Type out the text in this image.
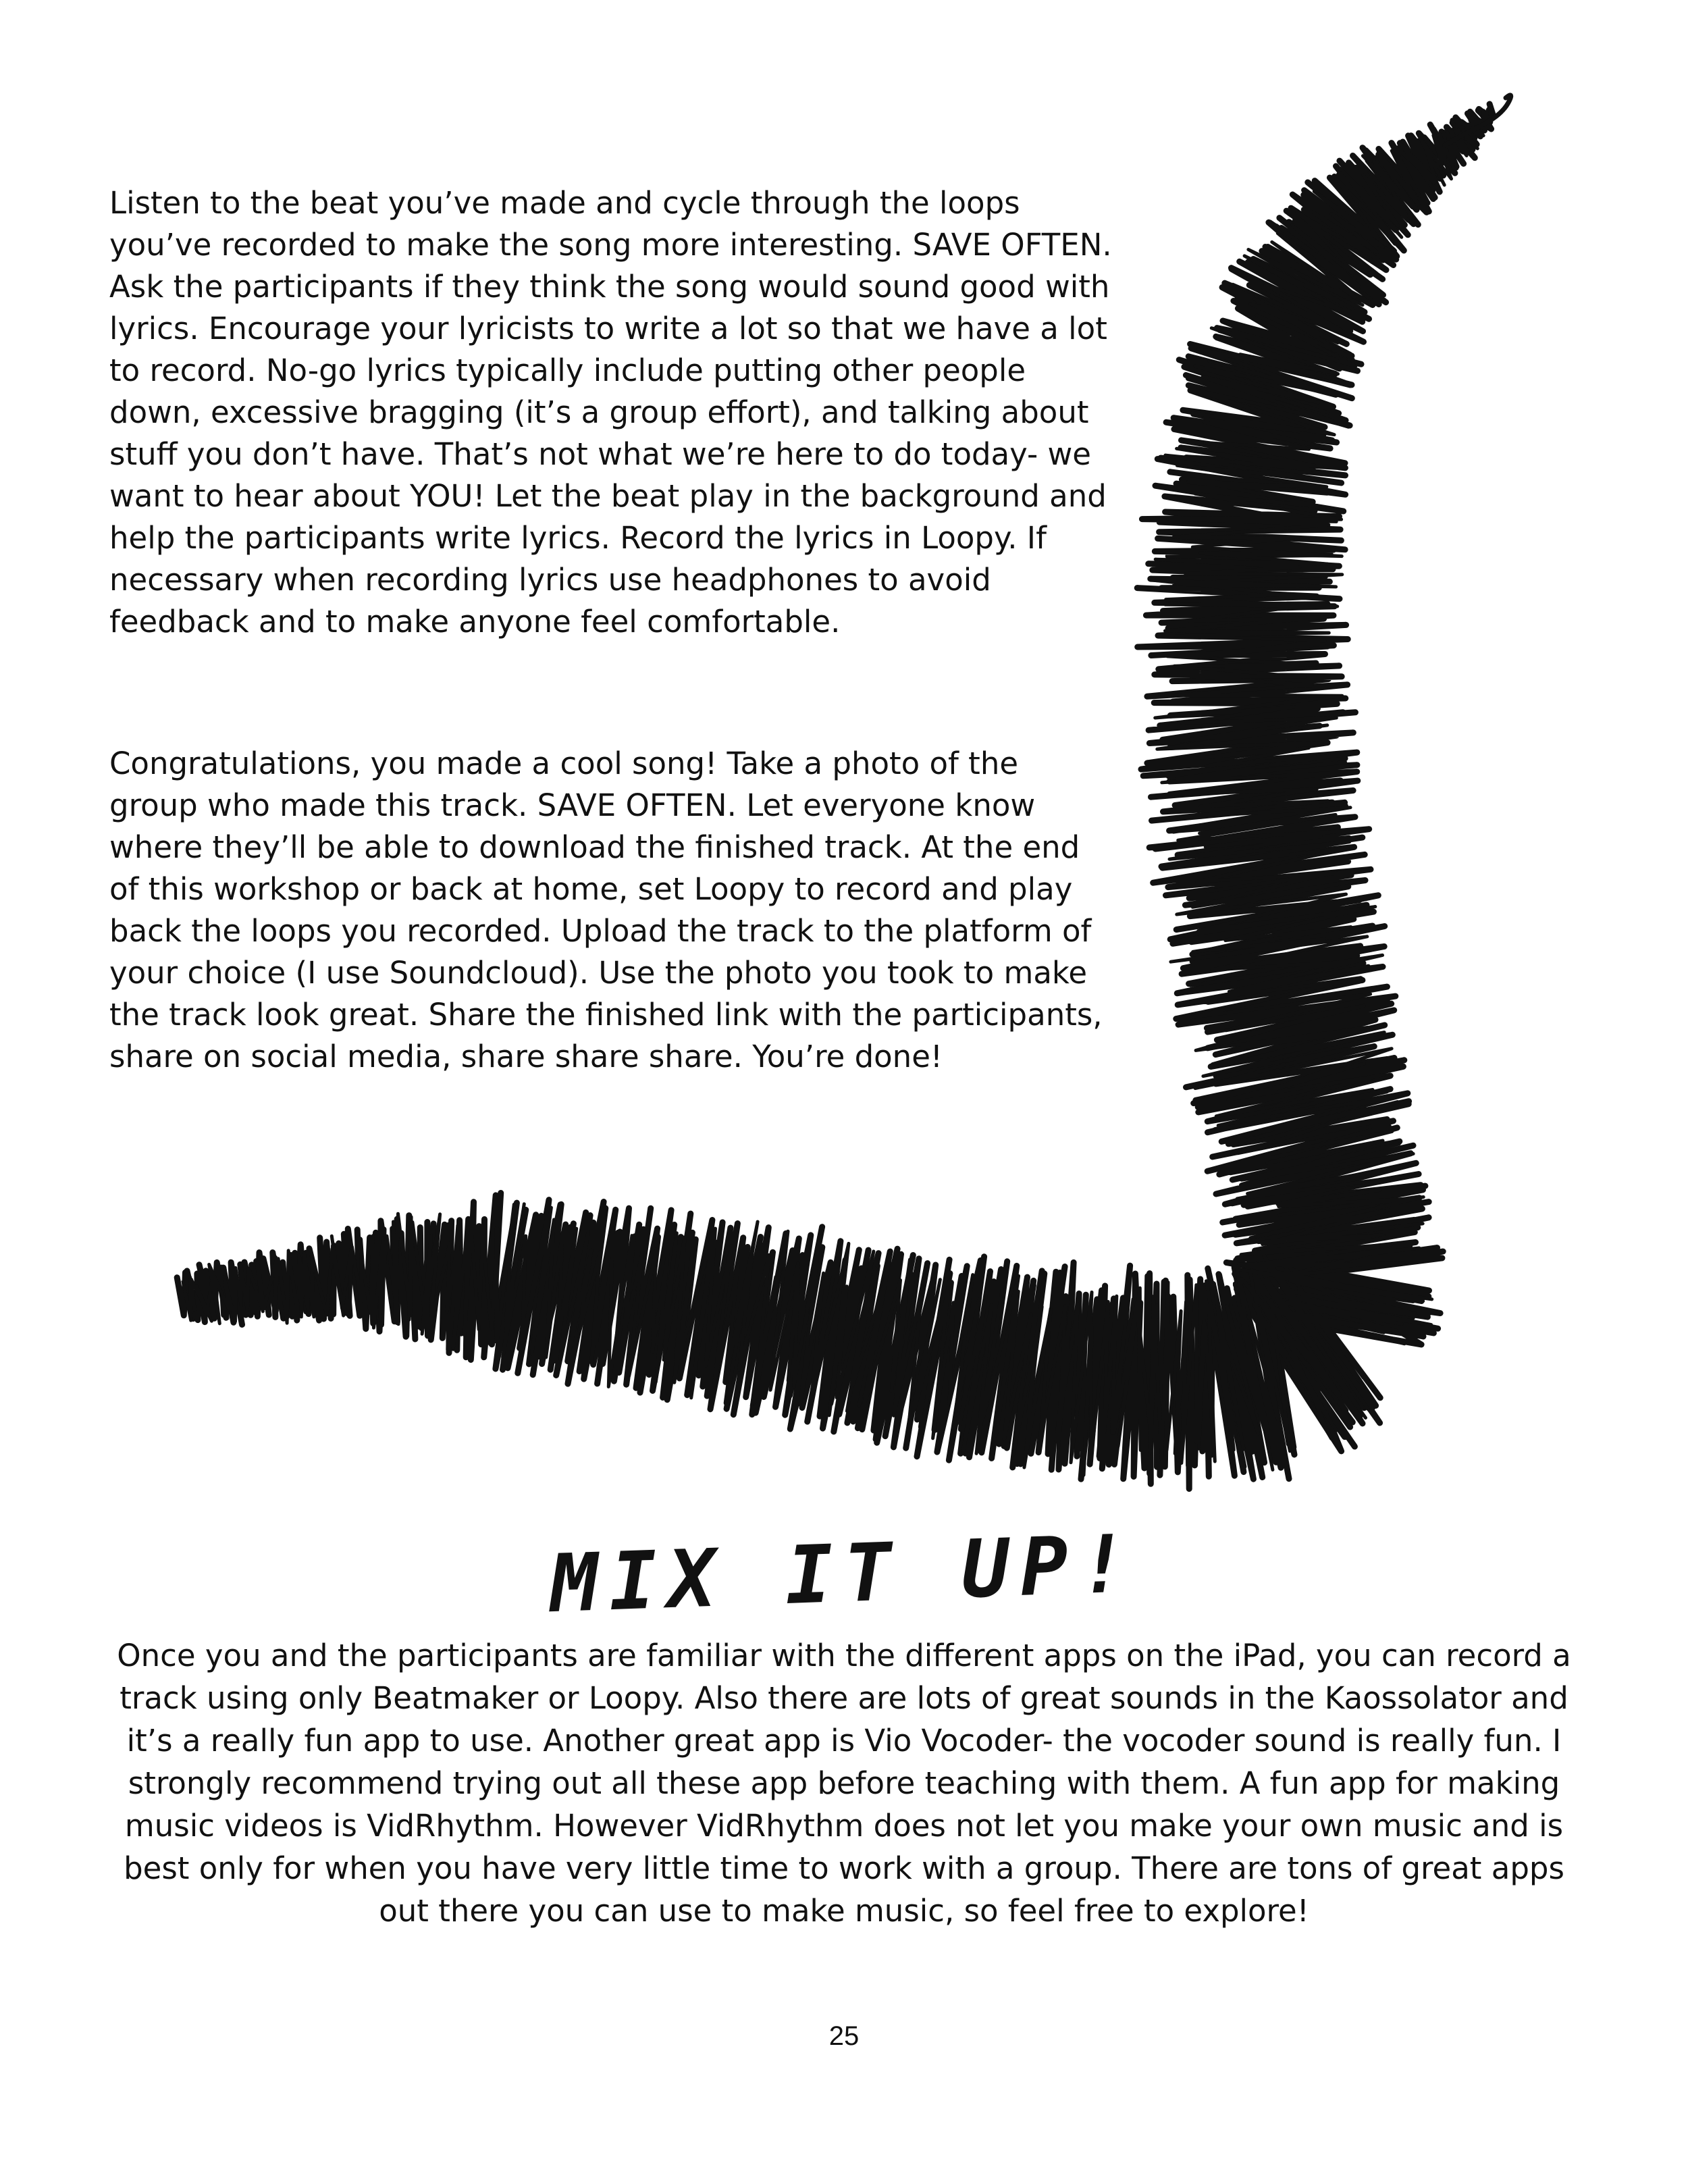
Listen to the beat you’ve made and cycle through the loops you’ve recorded to make the song more interesting. SAVE OFTEN. Ask the participants if they think the song would sound good with lyrics. Encourage your lyricists to write a lot so that we have a lot to record. No-go lyrics typically include putting other people down, excessive bragging (it’s a group effort), and talking about stuff you don’t have. That’s not what we’re here to do today- we want to hear about YOU! Let the beat play in the background and help the participants write lyrics. Record the lyrics in Loopy. If necessary when recording lyrics use headphones to avoid feedback and to make anyone feel comfortable.

Congratulations, you made a cool song! Take a photo of the group who made this track. SAVE OFTEN. Let everyone know where they’ll be able to download the finished track. At the end of this workshop or back at home, set Loopy to record and play back the loops you recorded. Upload the track to the platform of your choice (I use Soundcloud). Use the photo you took to make the track look great. Share the finished link with the participants, share on social media, share share share. You’re done!

MIX IT UP!

Once you and the participants are familiar with the different apps on the iPad, you can record a track using only Beatmaker or Loopy. Also there are lots of great sounds in the Kaossolator and it’s a really fun app to use. Another great app is Vio Vocoder- the vocoder sound is really fun. I strongly recommend trying out all these app before teaching with them. A fun app for making music videos is VidRhythm. However VidRhythm does not let you make your own music and is best only for when you have very little time to work with a group. There are tons of great apps out there you can use to make music, so feel free to explore!

25
